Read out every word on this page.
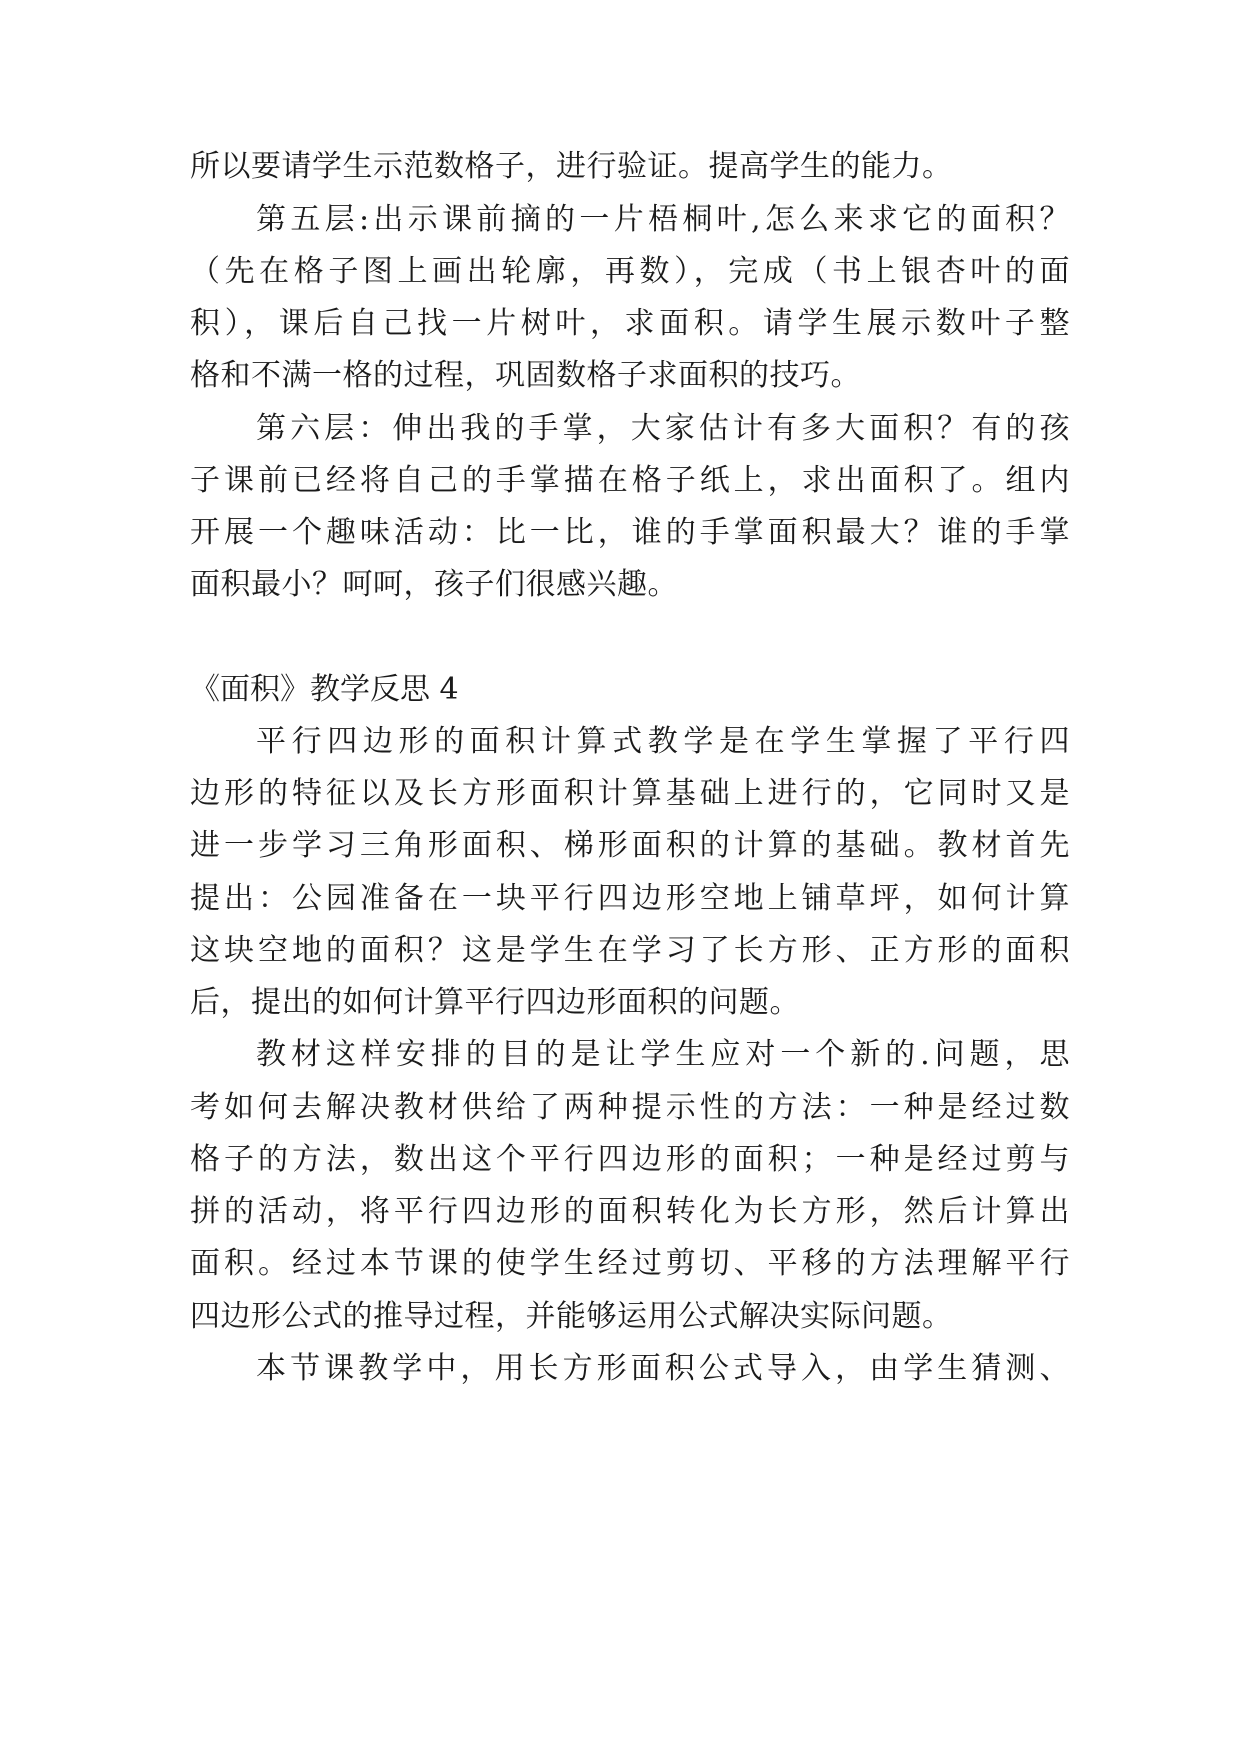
所以要请学生示范数格子，进行验证。提高学生的能力。

第五层:出示课前摘的一片梧桐叶,怎么来求它的面积？

（先在格子图上画出轮廓，再数），完成（书上银杏叶的面

积），课后自己找一片树叶，求面积。请学生展示数叶子整

格和不满一格的过程，巩固数格子求面积的技巧。

第六层：伸出我的手掌，大家估计有多大面积？有的孩

子课前已经将自己的手掌描在格子纸上，求出面积了。组内

开展一个趣味活动：比一比，谁的手掌面积最大？谁的手掌

面积最小？呵呵，孩子们很感兴趣。

《面积》教学反思 4

平行四边形的面积计算式教学是在学生掌握了平行四

边形的特征以及长方形面积计算基础上进行的，它同时又是

进一步学习三角形面积、梯形面积的计算的基础。教材首先

提出：公园准备在一块平行四边形空地上铺草坪，如何计算

这块空地的面积？这是学生在学习了长方形、正方形的面积

后，提出的如何计算平行四边形面积的问题。

教材这样安排的目的是让学生应对一个新的.问题，思

考如何去解决教材供给了两种提示性的方法：一种是经过数

格子的方法，数出这个平行四边形的面积；一种是经过剪与

拼的活动，将平行四边形的面积转化为长方形，然后计算出

面积。经过本节课的使学生经过剪切、平移的方法理解平行

四边形公式的推导过程，并能够运用公式解决实际问题。

本节课教学中，用长方形面积公式导入，由学生猜测、
